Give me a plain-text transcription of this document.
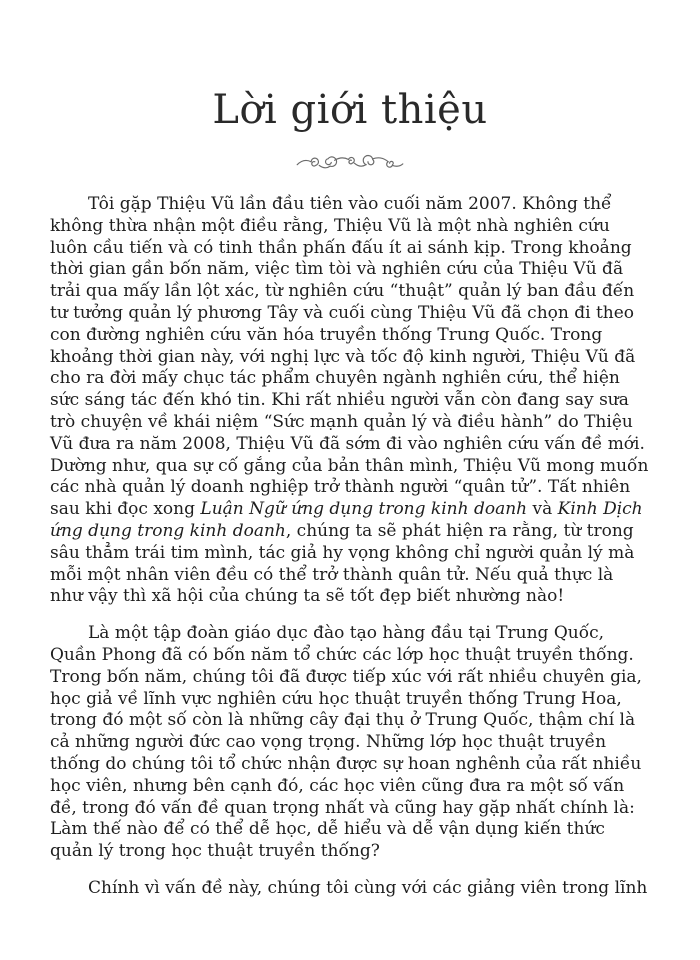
Lời giới thiệu

Tôi gặp Thiệu Vũ lần đầu tiên vào cuối năm 2007. Không thể không thừa nhận một điều rằng, Thiệu Vũ là một nhà nghiên cứu luôn cầu tiến và có tinh thần phấn đấu ít ai sánh kịp. Trong khoảng thời gian gần bốn năm, việc tìm tòi và nghiên cứu của Thiệu Vũ đã trải qua mấy lần lột xác, từ nghiên cứu “thuật” quản lý ban đầu đến tư tưởng quản lý phương Tây và cuối cùng Thiệu Vũ đã chọn đi theo con đường nghiên cứu văn hóa truyền thống Trung Quốc. Trong khoảng thời gian này, với nghị lực và tốc độ kinh người, Thiệu Vũ đã cho ra đời mấy chục tác phẩm chuyên ngành nghiên cứu, thể hiện sức sáng tác đến khó tin. Khi rất nhiều người vẫn còn đang say sưa trò chuyện về khái niệm “Sức mạnh quản lý và điều hành” do Thiệu Vũ đưa ra năm 2008, Thiệu Vũ đã sớm đi vào nghiên cứu vấn đề mới. Dường như, qua sự cố gắng của bản thân mình, Thiệu Vũ mong muốn các nhà quản lý doanh nghiệp trở thành người “quân tử”. Tất nhiên sau khi đọc xong Luận Ngữ ứng dụng trong kinh doanh và Kinh Dịch ứng dụng trong kinh doanh, chúng ta sẽ phát hiện ra rằng, từ trong sâu thẳm trái tim mình, tác giả hy vọng không chỉ người quản lý mà mỗi một nhân viên đều có thể trở thành quân tử. Nếu quả thực là như vậy thì xã hội của chúng ta sẽ tốt đẹp biết nhường nào!

Là một tập đoàn giáo dục đào tạo hàng đầu tại Trung Quốc, Quần Phong đã có bốn năm tổ chức các lớp học thuật truyền thống. Trong bốn năm, chúng tôi đã được tiếp xúc với rất nhiều chuyên gia, học giả về lĩnh vực nghiên cứu học thuật truyền thống Trung Hoa, trong đó một số còn là những cây đại thụ ở Trung Quốc, thậm chí là cả những người đức cao vọng trọng. Những lớp học thuật truyền thống do chúng tôi tổ chức nhận được sự hoan nghênh của rất nhiều học viên, nhưng bên cạnh đó, các học viên cũng đưa ra một số vấn đề, trong đó vấn đề quan trọng nhất và cũng hay gặp nhất chính là: Làm thế nào để có thể dễ học, dễ hiểu và dễ vận dụng kiến thức quản lý trong học thuật truyền thống?

Chính vì vấn đề này, chúng tôi cùng với các giảng viên trong lĩnh
